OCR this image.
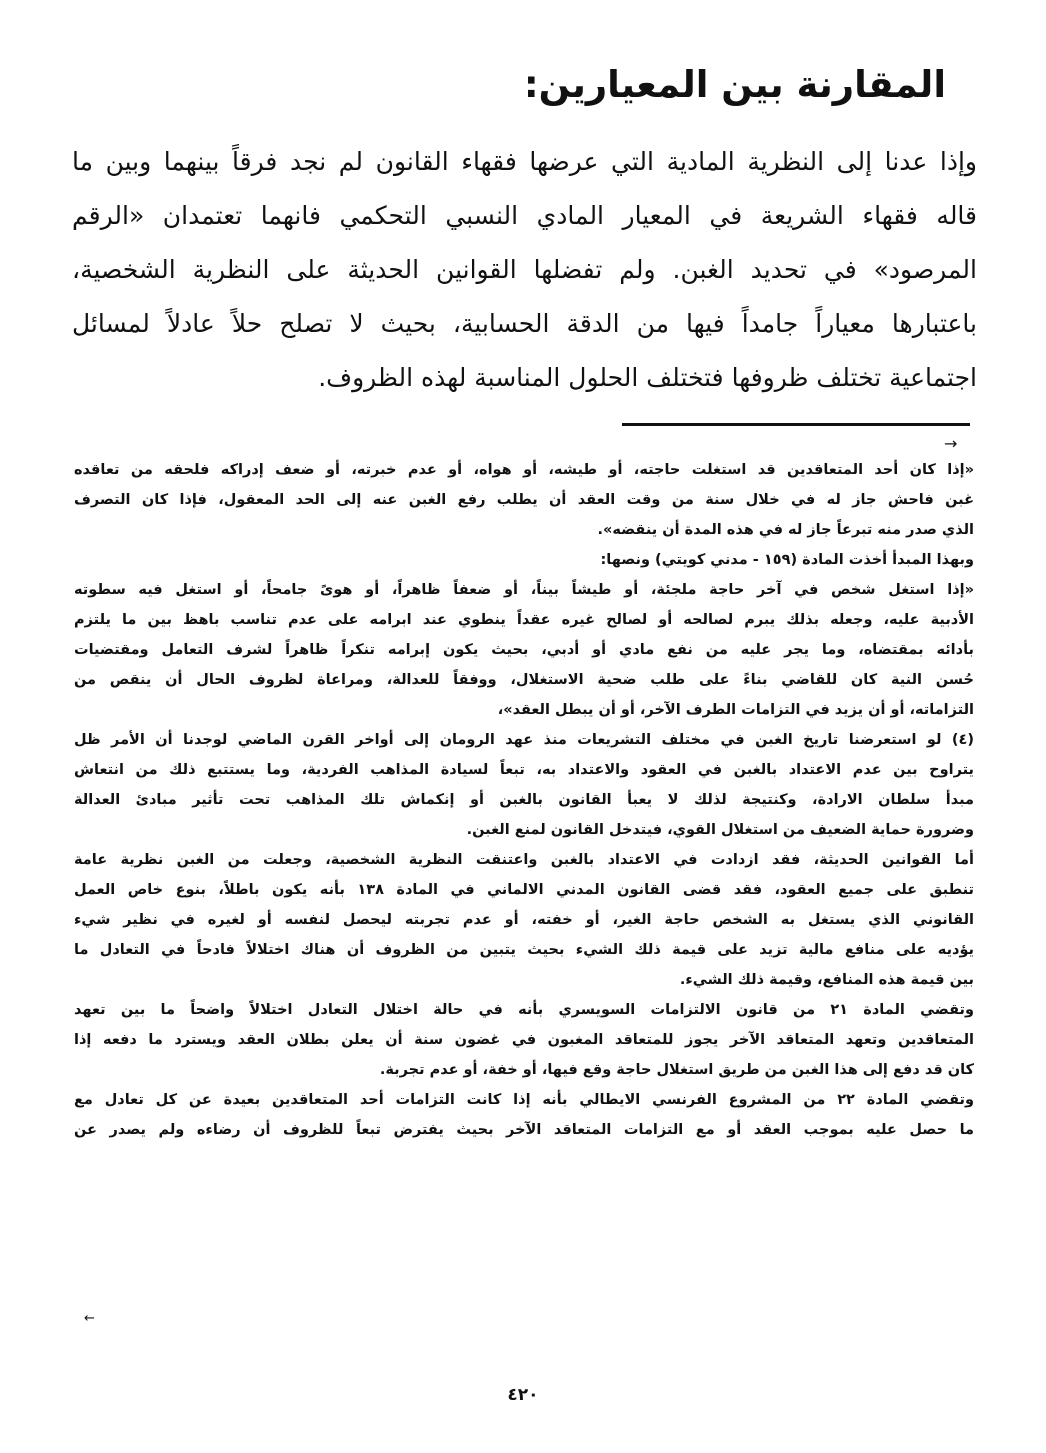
المقارنة بين المعيارين:
وإذا عدنا إلى النظرية المادية التي عرضها فقهاء القانون لم نجد فرقاً بينهما وبين ما
قاله فقهاء الشريعة في المعيار المادي النسبي التحكمي فانهما تعتمدان «الرقم
المرصود» في تحديد الغبن. ولم تفضلها القوانين الحديثة على النظرية الشخصية،
باعتبارها معياراً جامداً فيها من الدقة الحسابية، بحيث لا تصلح حلاً عادلاً لمسائل
اجتماعية تختلف ظروفها فتختلف الحلول المناسبة لهذه الظروف.
→
«إذا كان أحد المتعاقدين قد استغلت حاجته، أو طيشه، أو هواه، أو عدم خبرته، أو ضعف إدراكه فلحقه من تعاقده
غبن فاحش جاز له في خلال سنة من وقت العقد أن يطلب رفع الغبن عنه إلى الحد المعقول، فإذا كان التصرف
الذي صدر منه تبرعاً جاز له في هذه المدة أن ينقضه».
وبهذا المبدأ أخذت المادة (١٥٩ - مدني كويتي) ونصها:
«إذا استغل شخص في آخر حاجة ملجئة، أو طيشاً بيناً، أو ضعفاً ظاهراً، أو هوىً جامحاً، أو استغل فيه سطوته
الأدبية عليه، وجعله بذلك يبرم لصالحه أو لصالح غيره عقداً ينطوي عند ابرامه على عدم تناسب باهظ بين ما يلتزم
بأدائه بمقتضاه، وما يجر عليه من نفع مادي أو أدبي، بحيث يكون إبرامه تنكراً ظاهراً لشرف التعامل ومقتضيات
حُسن النية كان للقاضي بناءً على طلب ضحية الاستغلال، ووفقاً للعدالة، ومراعاة لظروف الحال أن ينقص من
التزاماته، أو أن يزيد في التزامات الطرف الآخر، أو أن يبطل العقد»،
(٤) لو استعرضنا تاريخ الغبن في مختلف التشريعات منذ عهد الرومان إلى أواخر القرن الماضي لوجدنا أن الأمر ظل
يتراوح بين عدم الاعتداد بالغبن في العقود والاعتداد به، تبعاً لسيادة المذاهب الفردية، وما يستتبع ذلك من انتعاش
مبدأ سلطان الارادة، وكنتيجة لذلك لا يعبأ القانون بالغبن أو إنكماش تلك المذاهب تحت تأثير مبادئ العدالة
وضرورة حماية الضعيف من استغلال القوي، فيتدخل القانون لمنع الغبن.
أما القوانين الحديثة، فقد ازدادت في الاعتداد بالغبن واعتنقت النظرية الشخصية، وجعلت من الغبن نظرية عامة
تنطبق على جميع العقود، فقد قضى القانون المدني الالماني في المادة ١٣٨ بأنه يكون باطلاً، بنوع خاص العمل
القانوني الذي يستغل به الشخص حاجة الغير، أو خفته، أو عدم تجربته ليحصل لنفسه أو لغيره في نظير شيء
يؤديه على منافع مالية تزيد على قيمة ذلك الشيء بحيث يتبين من الظروف أن هناك اختلالاً فادحاً في التعادل ما
بين قيمة هذه المنافع، وقيمة ذلك الشيء.
وتقضي المادة ٢١ من قانون الالتزامات السويسري بأنه في حالة اختلال التعادل اختلالاً واضحاً ما بين تعهد
المتعاقدين وتعهد المتعاقد الآخر يجوز للمتعاقد المغبون في غضون سنة أن يعلن بطلان العقد ويسترد ما دفعه إذا
كان قد دفع إلى هذا الغبن من طريق استغلال حاجة وقع فيها، أو خفة، أو عدم تجربة.
وتقضي المادة ٢٢ من المشروع الفرنسي الايطالي بأنه إذا كانت التزامات أحد المتعاقدين بعيدة عن كل تعادل مع
ما حصل عليه بموجب العقد أو مع التزامات المتعاقد الآخر بحيث يفترض تبعاً للظروف أن رضاءه ولم يصدر عن
←
٤٢٠
